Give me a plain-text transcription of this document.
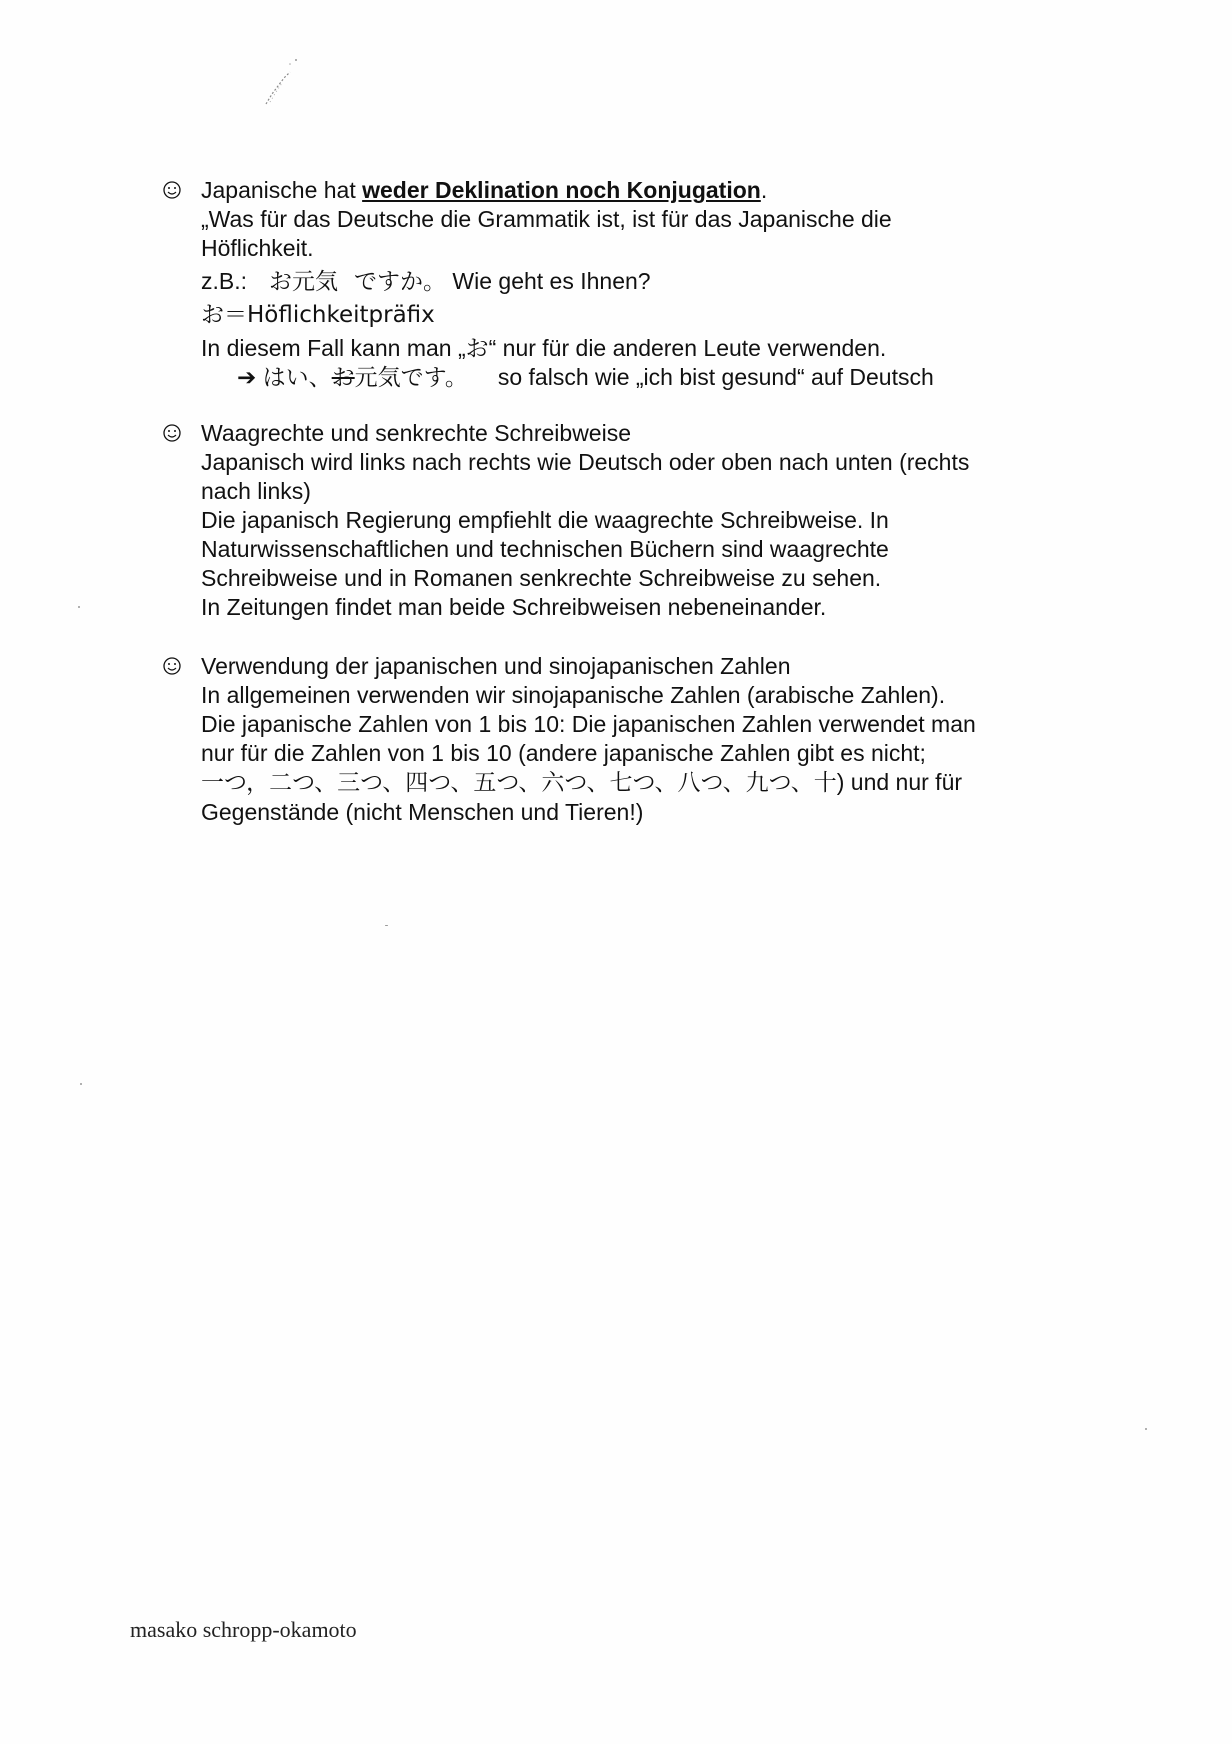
Japanische hat weder Deklination noch Konjugation.
„Was für das Deutsche die Grammatik ist, ist für das Japanische die
Höflichkeit.
z.B.: お元気 ですか。 Wie geht es Ihnen?
お＝Höflichkeitpräfix
In diesem Fall kann man „お“ nur für die anderen Leute verwenden.
➔ はい、お元気です。 so falsch wie „ich bist gesund“ auf Deutsch
Waagrechte und senkrechte Schreibweise
Japanisch wird links nach rechts wie Deutsch oder oben nach unten (rechts
nach links)
Die japanisch Regierung empfiehlt die waagrechte Schreibweise. In
Naturwissenschaftlichen und technischen Büchern sind waagrechte
Schreibweise und in Romanen senkrechte Schreibweise zu sehen.
In Zeitungen findet man beide Schreibweisen nebeneinander.
Verwendung der japanischen und sinojapanischen Zahlen
In allgemeinen verwenden wir sinojapanische Zahlen (arabische Zahlen).
Die japanische Zahlen von 1 bis 10: Die japanischen Zahlen verwendet man
nur für die Zahlen von 1 bis 10 (andere japanische Zahlen gibt es nicht;
一つ，二つ、三つ、四つ、五つ、六つ、七つ、八つ、九つ、十) und nur für
Gegenstände (nicht Menschen und Tieren!)
masako schropp-okamoto
